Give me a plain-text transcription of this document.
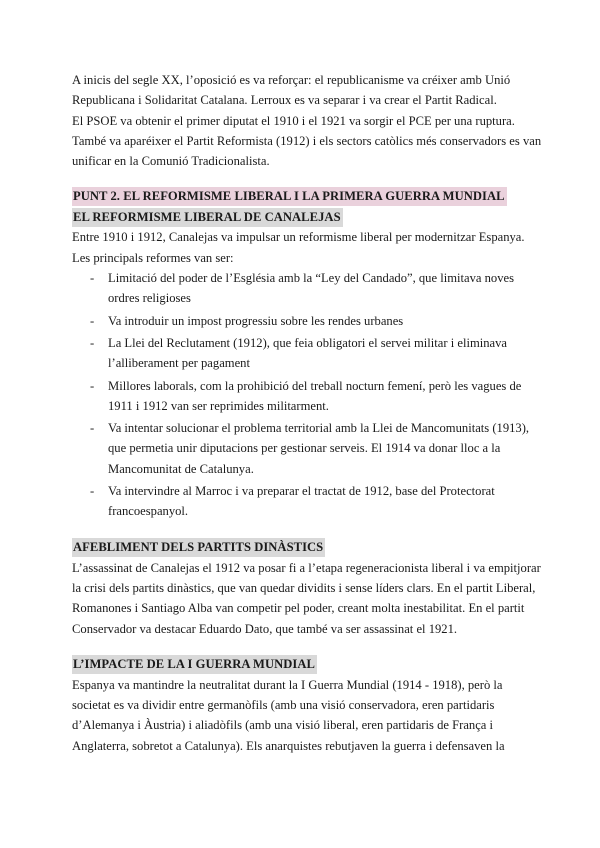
A inicis del segle XX, l’oposició es va reforçar: el republicanisme va créixer amb Unió Republicana i Solidaritat Catalana. Lerroux es va separar i va crear el Partit Radical.
El PSOE va obtenir el primer diputat el 1910 i el 1921 va sorgir el PCE per una ruptura. També va aparéixer el Partit Reformista (1912) i els sectors catòlics més conservadors es van unificar en la Comunió Tradicionalista.

PUNT 2. EL REFORMISME LIBERAL I LA PRIMERA GUERRA MUNDIAL
EL REFORMISME LIBERAL DE CANALEJAS

Entre 1910 i 1912, Canalejas va impulsar un reformisme liberal per modernitzar Espanya. Les principals reformes van ser:

- Limitació del poder de l’Església amb la “Ley del Candado”, que limitava noves ordres religioses
- Va introduir un impost progressiu sobre les rendes urbanes
- La Llei del Reclutament (1912), que feia obligatori el servei militar i eliminava l’alliberament per pagament
- Millores laborals, com la prohibició del treball nocturn femení, però les vagues de 1911 i 1912 van ser reprimides militarment.
- Va intentar solucionar el problema territorial amb la Llei de Mancomunitats (1913), que permetia unir diputacions per gestionar serveis. El 1914 va donar lloc a la Mancomunitat de Catalunya.
- Va intervindre al Marroc i va preparar el tractat de 1912, base del Protectorat francoespanyol.
AFEBLIMENT DELS PARTITS DINÀSTICS

L’assassinat de Canalejas el 1912 va posar fi a l’etapa regeneracionista liberal i va empitjorar la crisi dels partits dinàstics, que van quedar dividits i sense líders clars. En el partit Liberal, Romanones i Santiago Alba van competir pel poder, creant molta inestabilitat. En el partit Conservador va destacar Eduardo Dato, que també va ser assassinat el 1921.

L’IMPACTE DE LA I GUERRA MUNDIAL

Espanya va mantindre la neutralitat durant la I Guerra Mundial (1914 - 1918), però la societat es va dividir entre germanòfils (amb una visió conservadora, eren partidaris d’Alemanya i Àustria) i aliadòfils (amb una visió liberal, eren partidaris de França i Anglaterra, sobretot a Catalunya). Els anarquistes rebutjaven la guerra i defensaven la
